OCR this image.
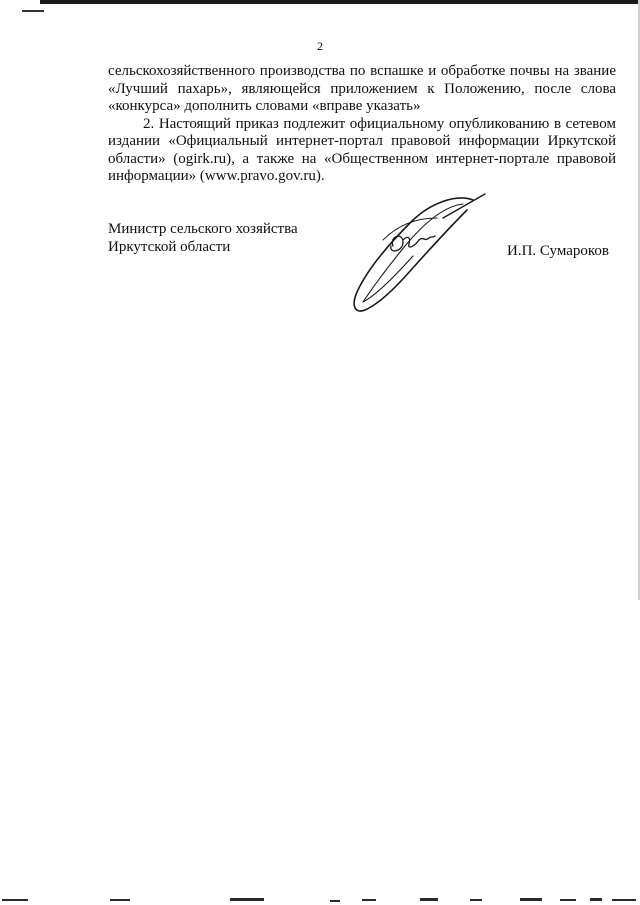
2

сельскохозяйственного производства по вспашке и обработке почвы на звание «Лучший пахарь», являющейся приложением к Положению, после слова «конкурса» дополнить словами «вправе указать»

2. Настоящий приказ подлежит официальному опубликованию в сетевом издании «Официальный интернет-портал правовой информации Иркутской области» (ogirk.ru), а также на «Общественном интернет-портале правовой информации» (www.pravo.gov.ru).

Министр сельского хозяйства
Иркутской области	И.П. Сумароков
